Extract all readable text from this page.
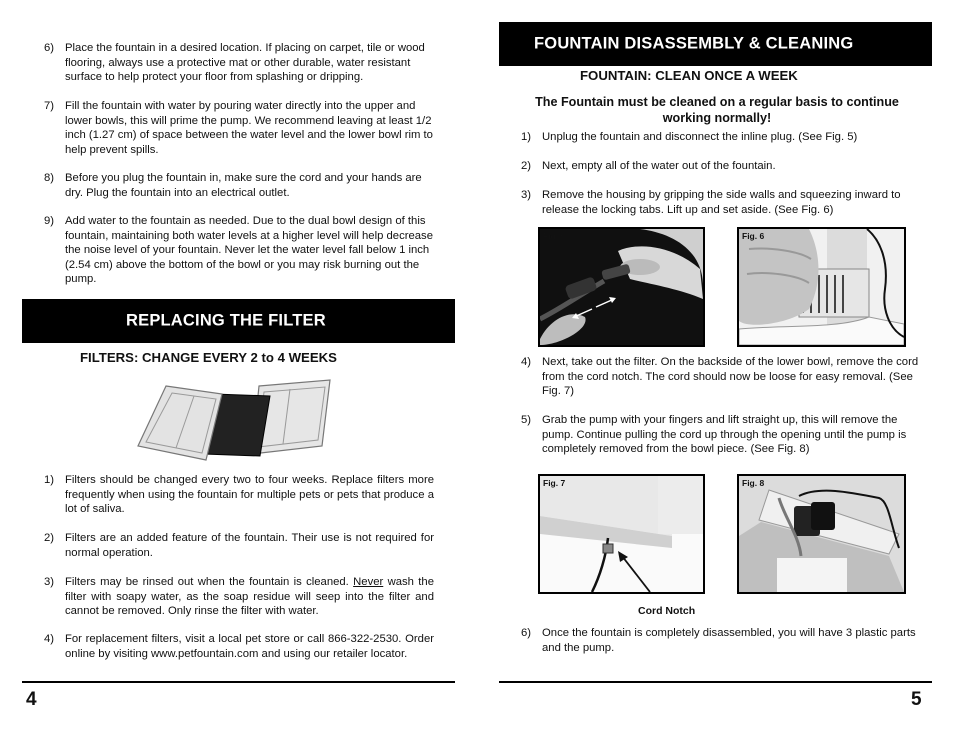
6) Place the fountain in a desired location. If placing on carpet, tile or wood flooring, always use a protective mat or other durable, water resistant surface to help protect your floor from splashing or dripping.
7) Fill the fountain with water by pouring water directly into the upper and lower bowls, this will prime the pump. We recommend leaving at least 1/2 inch (1.27 cm) of space between the water level and the lower bowl rim to help prevent spills.
8) Before you plug the fountain in, make sure the cord and your hands are dry. Plug the fountain into an electrical outlet.
9) Add water to the fountain as needed. Due to the dual bowl design of this fountain, maintaining both water levels at a higher level will help decrease the noise level of your fountain. Never let the water level fall below 1 inch (2.54 cm) above the bottom of the bowl or you may risk burning out the pump.
REPLACING THE FILTER
FILTERS: CHANGE EVERY 2 to 4 WEEKS
1) Filters should be changed every two to four weeks. Replace filters more frequently when using the fountain for multiple pets or pets that produce a lot of saliva.
2) Filters are an added feature of the fountain. Their use is not required for normal operation.
3) Filters may be rinsed out when the fountain is cleaned. Never wash the filter with soapy water, as the soap residue will seep into the filter and cannot be removed. Only rinse the filter with water.
4) For replacement filters, visit a local pet store or call 866-322-2530. Order online by visiting www.petfountain.com and using our retailer locator.
4
FOUNTAIN DISASSEMBLY & CLEANING
FOUNTAIN: CLEAN ONCE A WEEK
The Fountain must be cleaned on a regular basis to continue working normally!
1) Unplug the fountain and disconnect the inline plug. (See Fig. 5)
2) Next, empty all of the water out of the fountain.
3) Remove the housing by gripping the side walls and squeezing inward to release the locking tabs. Lift up and set aside. (See Fig. 6)
Fig. 5	Fig. 6
4) Next, take out the filter. On the backside of the lower bowl, remove the cord from the cord notch. The cord should now be loose for easy removal. (See Fig. 7)
5) Grab the pump with your fingers and lift straight up, this will remove the pump. Continue pulling the cord up through the opening until the pump is completely removed from the bowl piece. (See Fig. 8)
Fig. 7
Cord Notch
Fig. 8
6) Once the fountain is completely disassembled, you will have 3 plastic parts and the pump.
5
